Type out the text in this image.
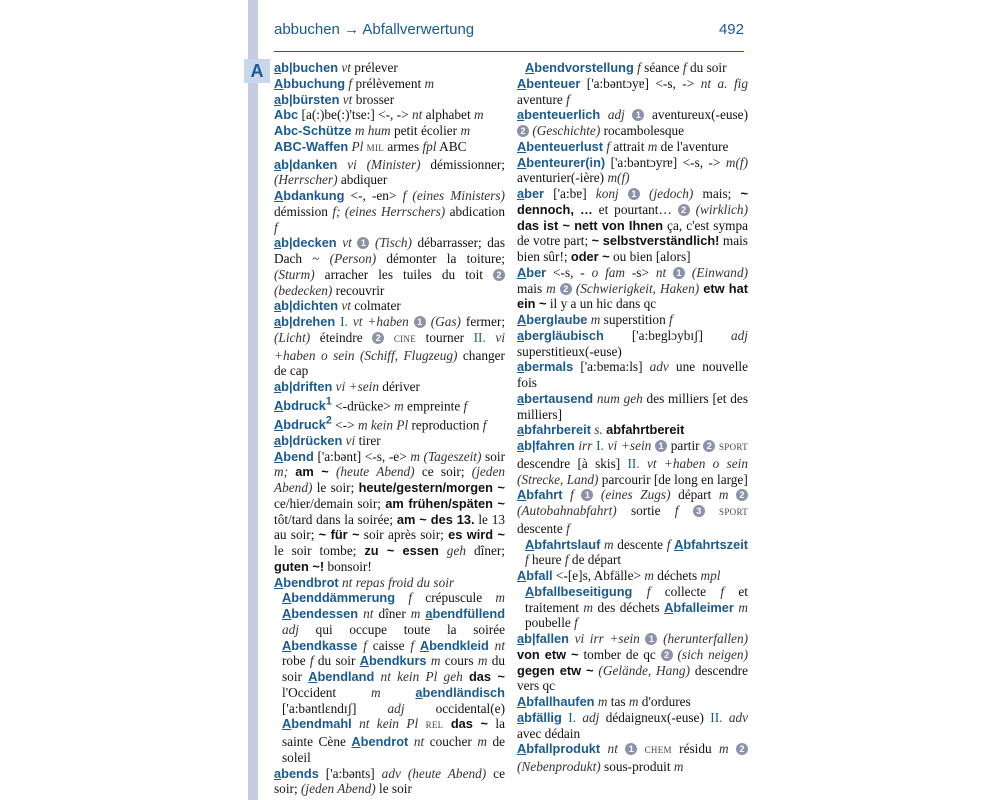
abbuchen → Abfallverwertung	492
A ab|buchen vt prélever
Abbuchung f prélèvement m
ab|bürsten vt brosser
Abc [a(:)be(:)'tse:] <-, -> nt alphabet m
Abc-Schütze m hum petit écolier m
ABC-Waffen Pl MIL armes fpl ABC
ab|danken vi (Minister) démissionner; (Herrscher) abdiquer
Abdankung <-, -en> f (eines Ministers) démission f; (eines Herrschers) abdication f
ab|decken vt 1 (Tisch) débarrasser; das Dach ~ (Person) démonter la toiture; (Sturm) arracher les tuiles du toit 2 (bedecken) recouvrir
ab|dichten vt colmater
ab|drehen I. vt +haben 1 (Gas) fermer; (Licht) éteindre 2 CINE tourner II. vi +haben o sein (Schiff, Flugzeug) changer de cap
ab|driften vi +sein dériver
Abdruck$^1$ <-drücke> m empreinte f
Abdruck$^2$ <-> m kein Pl reproduction f
ab|drücken vi tirer
Abend ['a:bənt] <-s, -e> m (Tageszeit) soir m; am ~ (heute Abend) ce soir; (jeden Abend) le soir; heute/gestern/morgen ~ ce/hier/demain soir; am frühen/späten ~ tôt/tard dans la soirée; am ~ des 13. le 13 au soir; ~ für ~ soir après soir; es wird ~ le soir tombe; zu ~ essen geh dîner; guten ~! bonsoir!
Abendbrot nt repas froid du soir
Abenddämmerung f crépuscule m Abendessen nt dîner m abendfüllend adj qui occupe toute la soirée Abendkasse f caisse f Abendkleid nt robe f du soir Abendkurs m cours m du soir Abendland nt kein Pl geh das ~ l'Occident m	abendländisch ['a:bəntlɛndɪʃ] adj occidental(e) Abendmahl nt kein Pl REL das ~ la sainte Cène Abendrot nt coucher m de soleil
abends ['a:bənts] adv (heute Abend) ce soir; (jeden Abend) le soir
Abendvorstellung f séance f du soir
Abenteuer ['a:bəntɔyɐ] <-s, -> nt a. fig aventure f
abenteuerlich adj 1 aventureux(-euse) 2 (Geschichte) rocambolesque
Abenteuerlust f attrait m de l'aventure
Abenteurer(in) ['a:bəntɔyrɐ] <-s, -> m(f) aventurier(-ière) m(f)
aber ['a:bɐ] konj 1 (jedoch) mais; ~ dennoch, … et pourtant… 2 (wirklich) das ist ~ nett von Ihnen ça, c'est sympa de votre part; ~ selbstverständlich! mais bien sûr!; oder ~ ou bien [alors]
Aber <-s, - o fam -s> nt 1 (Einwand) mais m 2 (Schwierigkeit, Haken) etw hat ein ~ il y a un hic dans qc
Aberglaube m superstition f
abergläubisch ['a:bɐglɔybɪʃ] adj superstitieux(-euse)
abermals ['a:bɐma:ls] adv une nouvelle fois
abertausend num geh des milliers [et des milliers]
abfahrbereit s. abfahrtbereit
ab|fahren irr I. vi +sein 1 partir 2 SPORT descendre [à skis] II. vt +haben o sein (Strecke, Land) parcourir [de long en large]
Abfahrt f 1 (eines Zugs) départ m 2 (Autobahnabfahrt) sortie f 3 SPORT descente f
Abfahrtslauf m descente f Abfahrtszeit f heure f de départ
Abfall <-[e]s, Abfälle> m déchets mpl
Abfallbeseitigung f collecte f et traitement m des déchets Abfalleimer m poubelle f
ab|fallen vi irr +sein 1 (herunterfallen) von etw ~ tomber de qc 2 (sich neigen) gegen etw ~ (Gelände, Hang) descendre vers qc
Abfallhaufen m tas m d'ordures
abfällig I. adj dédaigneux(-euse) II. adv avec dédain
Abfallprodukt nt 1 CHEM résidu m 2 (Nebenprodukt) sous-produit m
